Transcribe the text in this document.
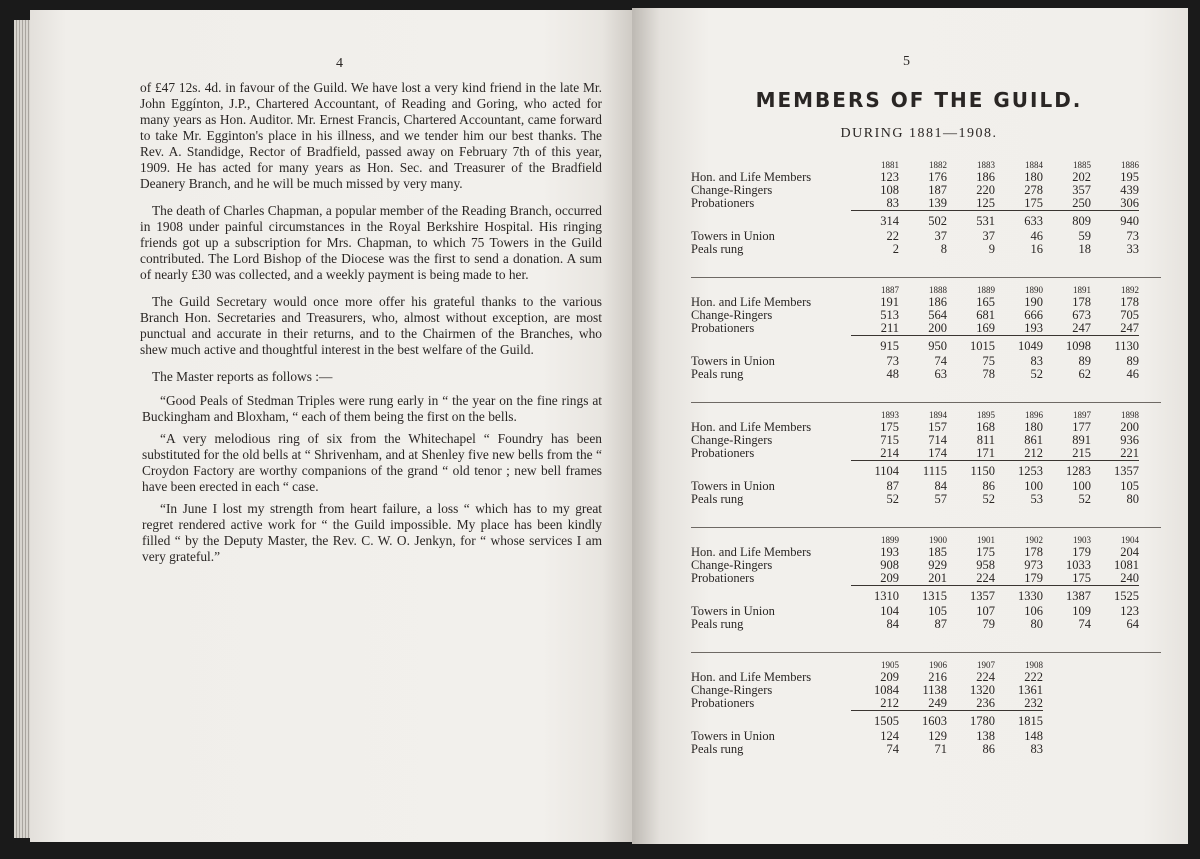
4

of £47 12s. 4d. in favour of the Guild. We have lost a very kind friend in the late Mr. John Eggínton, J.P., Chartered Accountant, of Reading and Goring, who acted for many years as Hon. Auditor. Mr. Ernest Francis, Chartered Accountant, came forward to take Mr. Egginton's place in his illness, and we tender him our best thanks. The Rev. A. Standidge, Rector of Bradfield, passed away on February 7th of this year, 1909. He has acted for many years as Hon. Sec. and Treasurer of the Bradfield Deanery Branch, and he will be much missed by very many.

The death of Charles Chapman, a popular member of the Reading Branch, occurred in 1908 under painful circumstances in the Royal Berkshire Hospital. His ringing friends got up a subscription for Mrs. Chapman, to which 75 Towers in the Guild contributed. The Lord Bishop of the Diocese was the first to send a donation. A sum of nearly £30 was collected, and a weekly payment is being made to her.

The Guild Secretary would once more offer his grateful thanks to the various Branch Hon. Secretaries and Treasurers, who, almost without exception, are most punctual and accurate in their returns, and to the Chairmen of the Branches, who shew much active and thoughtful interest in the best welfare of the Guild.

The Master reports as follows :—

“Good Peals of Stedman Triples were rung early in “ the year on the fine rings at Buckingham and Bloxham, “ each of them being the first on the bells.

“A very melodious ring of six from the Whitechapel “ Foundry has been substituted for the old bells at “ Shrivenham, and at Shenley five new bells from the “ Croydon Factory are worthy companions of the grand “ old tenor ; new bell frames have been erected in each “ case.

“In June I lost my strength from heart failure, a loss “ which has to my great regret rendered active work for “ the Guild impossible. My place has been kindly filled “ by the Deputy Master, the Rev. C. W. O. Jenkyn, for “ whose services I am very grateful.”

5
MEMBERS OF THE GUILD.
DURING 1881—1908.
	1881	1882	1883	1884	1885	1886
Hon. and Life Members	123	176	186	180	202	195
Change-Ringers	108	187	220	278	357	439
Probationers	83	139	125	175	250	306
	314	502	531	633	809	940
Towers in Union	22	37	37	46	59	73
Peals rung	2	8	9	16	18	33
	1887	1888	1889	1890	1891	1892
Hon. and Life Members	191	186	165	190	178	178
Change-Ringers	513	564	681	666	673	705
Probationers	211	200	169	193	247	247
	915	950	1015	1049	1098	1130
Towers in Union	73	74	75	83	89	89
Peals rung	48	63	78	52	62	46
	1893	1894	1895	1896	1897	1898
Hon. and Life Members	175	157	168	180	177	200
Change-Ringers	715	714	811	861	891	936
Probationers	214	174	171	212	215	221
	1104	1115	1150	1253	1283	1357
Towers in Union	87	84	86	100	100	105
Peals rung	52	57	52	53	52	80
	1899	1900	1901	1902	1903	1904
Hon. and Life Members	193	185	175	178	179	204
Change-Ringers	908	929	958	973	1033	1081
Probationers	209	201	224	179	175	240
	1310	1315	1357	1330	1387	1525
Towers in Union	104	105	107	106	109	123
Peals rung	84	87	79	80	74	64
	1905	1906	1907	1908
Hon. and Life Members	209	216	224	222
Change-Ringers	1084	1138	1320	1361
Probationers	212	249	236	232
	1505	1603	1780	1815
Towers in Union	124	129	138	148
Peals rung	74	71	86	83
